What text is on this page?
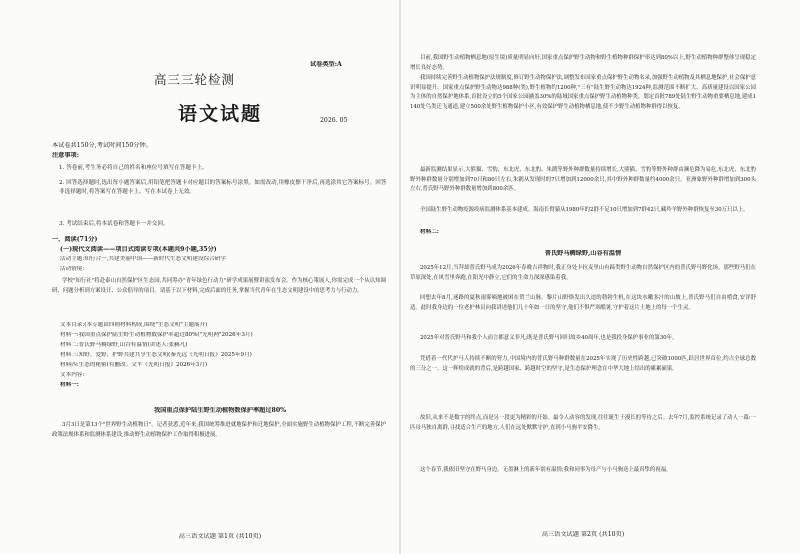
试卷类型:A
高三三轮检测
2026. 05
语文试题
本试卷共150分,考试时间150分钟。
注意事项:
1. 答卷前,考生务必将自己的姓名和座位号填写在答题卡上。
2. 回答选择题时,选出每小题答案后,用铅笔把答题卡对应题目的答案标号涂黑。如需改动,用橡皮擦干净后,再选涂其它答案标号。回答非选择题时,将答案写在答题卡上。写在本试卷上无效。
3. 考试结束后,将本试卷和答题卡一并交回。
一、阅读(71分)
(一)现代文阅读——项目式阅读专项(本题共9小题,35分)
活动主题:知行合一,共建美丽中国——新时代生态文明建设综合研学
活动情境:
学校"知行社"将赴泰山自然保护区生态园,共同筹办"青年绿色行动力"研学成果展暨讲演发布会。作为核心策展人,你需完成一个从认知调研、问题分析到方案设计、公众倡导的项目。请基于以下材料,完成后面的任务,掌握当代青年在生态文明建设中的思考力与行动力。
文本目录:(本专题由四则材料构成,围绕"生态文明"主题展开)
材料一:我国重点保护陆生野生动植物数保护率超过80%("光明网"2026年3月)
材料二:普氏野马稠绿野,山谷有温情(讲述人:张赫凡)
材料三:知野、爱野、护野共建共享生态文明(秦光远《光明日报》2025年9月)
材料四:生态的秘密(有删改。文平《光明日报》2026年3月)
文本内容:
材料一:
我国重点保护陆生野生动植物数保护率超过80%
3月3日是第13个"世界野生动植物日"。记者获悉,近年来,我国统筹推进就地保护和迁地保护,全面实施野生动植物保护工程,不断完善保护政策法规体系和监测体系建设,推动野生动植物保护工作取得积极进展。
高三语文试题 第1页 (共10页)
目前,我国野生动植物栖息地(原生境)质量明显向好,国家重点保护野生动物和野生植物种群保护率达到80%以上,野生动植物种群整体呈现稳定增长良好态势。
我国持续完善野生动植物保护法规制度,修订野生动物保护法,调整发布国家重点保护野生动物名录,加强野生动植物及其栖息地保护,社会保护意识明显提升。国家重点保护野生动物达988种(类),野生植物约1200种,"三有"陆生野生动物达1924种,监测范围不断扩大。高质量建设以国家公园为主体的自然保护地体系,首批设立的5个国家公园涵盖30%的陆域国家重点保护野生动植物种类。划定首批789处陆生野生动物重要栖息地,建成1140处鸟类迁飞通道,建立500余处野生植物保护小区,有效保护野生动植物栖息地,使不少野生动植物种群得以恢复。
最新监测结果显示,大熊猫、雪豹、东北虎、东北豹、朱鹮等野外种群数量持续增长,大熊猫、雪豹等野外种群由濒危降为易危,东北虎、东北豹野外种群数量分别增加到70只和80只左右,朱鹮从发现时的7只增加到12000余只,其中野外种群数量约4000余只。亚洲象野外种群增加到300头左右,普氏野马野外种群数量增加到800余匹。
全国陆生野生动物疫源疫病监测体系基本建成。海南长臂猿从1980年的2群不足10只增加到7群42只,藏羚羊野外种群恢复至30万只以上。
材料二:
普氏野马稠绿野,山谷有温情
2025年12月,当拜却普氏野马成为2026年春晚吉祥物时,我正身处卡拉麦里山有蹄类野生动物自然保护区内的普氏野马野化场。那些野马们在草原深处,在风雪里奔跑,在阳光中静立,它们的生命力深深感染着我。
回想去年8月,迷路的夏秋雨雾嘀地被困在贺兰山脉。黎片山野焕发出久违的勃勃生机,在这块水嫩多汁的山坡上,普氏野马们自由啃食,安详舒适。此时我身边的一位老护林员向我讲述他们几十年如一日的坚守,他们不惧严寒酷暑,守护着这片土地上的每一个生灵。
2025年对普氏野马和我个人而言都意义非凡;既是普氏野马回归故乡40周年,也是我投身保护事业的第30年。
凭借着一代代护马人持续不断的努力,中国境内的普氏野马种群数量在2025年实现了历史性跨越,已突破1000匹,跃居世界首位,约占全球总数的三分之一。这一辉煌成就的背后,是跨越国家、跨越时空的坚守,是生态保护理念在中华大地上结出的累累硕果。
故旧,从来不是数字的终点,而是另一段更为精彩的开始。最令人动容的发现,往往诞生于漫长的等待之后。去年7月,监控系统记录了动人一幕:一匹母马独自离群,寻找适合生产的地方,人们在远处默默守护,直到小马驹平安降生。
这个春节,我依旧坚守在野马身边。无墨淋上的新年别有温情;我和同事为母产与小马驹送上最真挚的祝福。
高三语文试题 第2页 (共10页)
